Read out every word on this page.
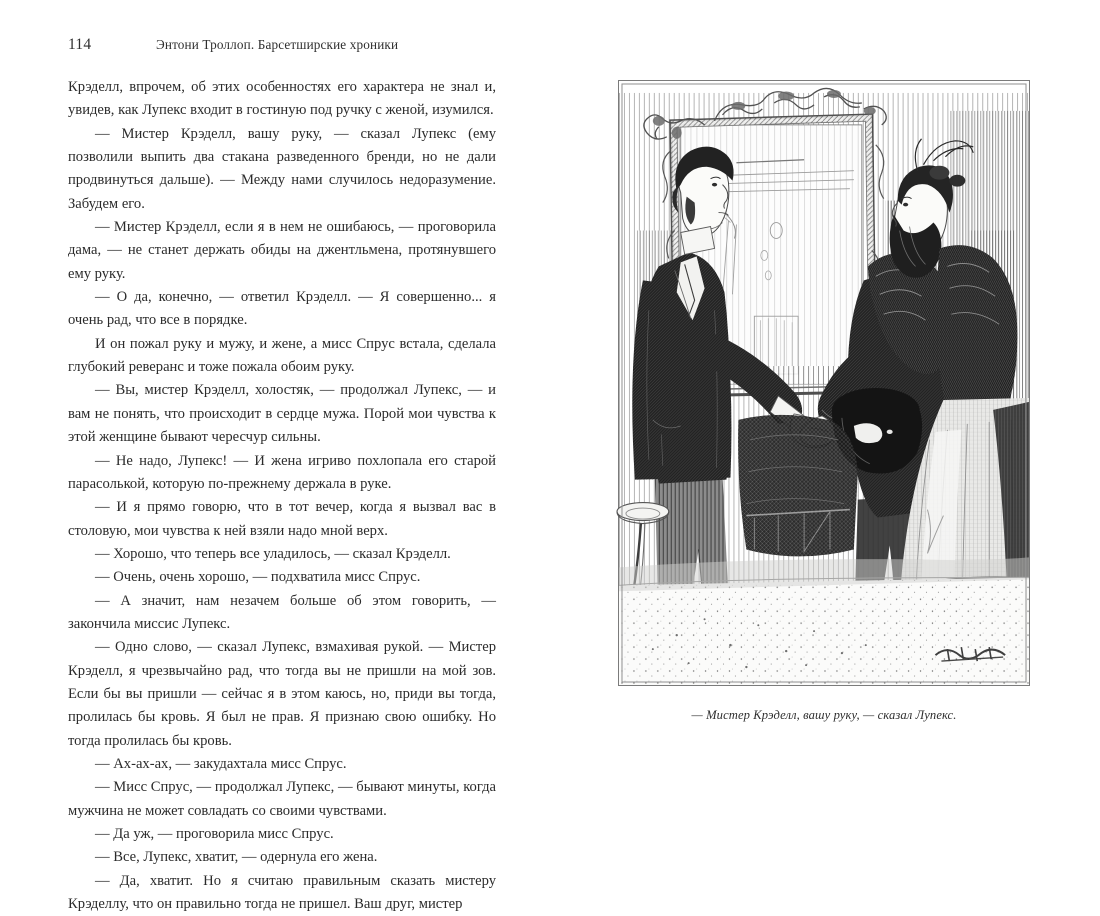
114	Энтони Троллоп. Барсетширские хроники

Крэделл, впрочем, об этих особенностях его характера не знал и, увидев, как Лупекс входит в гостиную под ручку с женой, изумился.

— Мистер Крэделл, вашу руку, — сказал Лупекс (ему позволили выпить два стакана разведенного бренди, но не дали продвинуться дальше). — Между нами случилось недоразумение. Забудем его.

— Мистер Крэделл, если я в нем не ошибаюсь, — проговорила дама, — не станет держать обиды на джентльмена, протянувшего ему руку.

— О да, конечно, — ответил Крэделл. — Я совершенно... я очень рад, что все в порядке.

И он пожал руку и мужу, и жене, а мисс Спрус встала, сделала глубокий реверанс и тоже пожала обоим руку.

— Вы, мистер Крэделл, холостяк, — продолжал Лупекс, — и вам не понять, что происходит в сердце мужа. Порой мои чувства к этой женщине бывают чересчур сильны.

— Не надо, Лупекс! — И жена игриво похлопала его старой парасолькой, которую по-прежнему держала в руке.

— И я прямо говорю, что в тот вечер, когда я вызвал вас в столовую, мои чувства к ней взяли надо мной верх.

— Хорошо, что теперь все уладилось, — сказал Крэделл.

— Очень, очень хорошо, — подхватила мисс Спрус.

— А значит, нам незачем больше об этом говорить, — закончила миссис Лупекс.

— Одно слово, — сказал Лупекс, взмахивая рукой. — Мистер Крэделл, я чрезвычайно рад, что тогда вы не пришли на мой зов. Если бы вы пришли — сейчас я в этом каюсь, но, приди вы тогда, пролилась бы кровь. Я был не прав. Я признаю свою ошибку. Но тогда пролилась бы кровь.

— Ах-ах-ах, — закудахтала мисс Спрус.

— Мисс Спрус, — продолжал Лупекс, — бывают минуты, когда мужчина не может совладать со своими чувствами.

— Да уж, — проговорила мисс Спрус.

— Все, Лупекс, хватит, — одернула его жена.

— Да, хватит. Но я считаю правильным сказать мистеру Крэделлу, что он правильно тогда не пришел. Ваш друг, мистер

— Мистер Крэделл, вашу руку, — сказал Лупекс.
